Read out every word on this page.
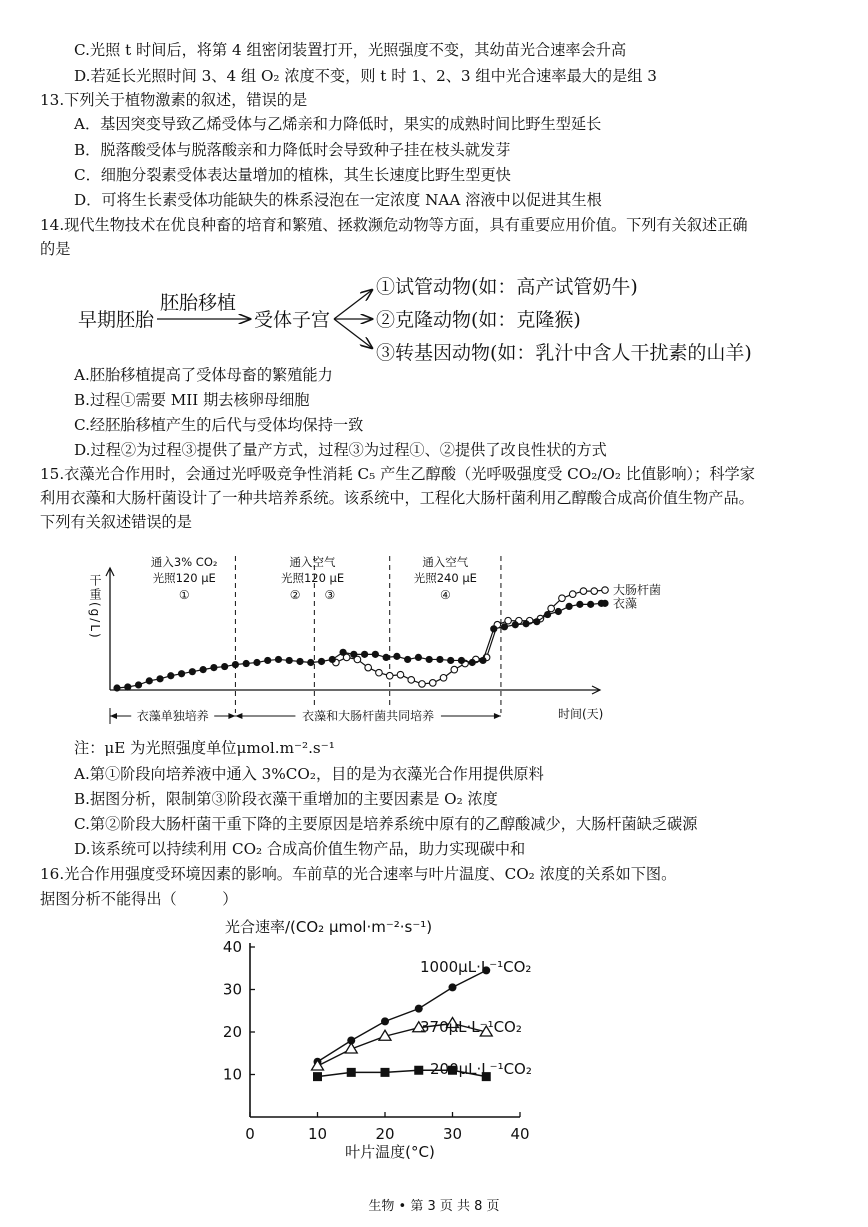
C.光照 t 时间后，将第 4 组密闭装置打开，光照强度不变，其幼苗光合速率会升高
D.若延长光照时间 3、4 组 O₂ 浓度不变，则 t 时 1、2、3 组中光合速率最大的是组 3
13.下列关于植物激素的叙述，错误的是
A．基因突变导致乙烯受体与乙烯亲和力降低时，果实的成熟时间比野生型延长
B．脱落酸受体与脱落酸亲和力降低时会导致种子挂在枝头就发芽
C．细胞分裂素受体表达量增加的植株，其生长速度比野生型更快
D．可将生长素受体功能缺失的株系浸泡在一定浓度 NAA 溶液中以促进其生根
14.现代生物技术在优良种畜的培育和繁殖、拯救濒危动物等方面，具有重要应用价值。下列有关叙述正确
的是
A.胚胎移植提高了受体母畜的繁殖能力
B.过程①需要 MII 期去核卵母细胞
C.经胚胎移植产生的后代与受体均保持一致
D.过程②为过程③提供了量产方式，过程③为过程①、②提供了改良性状的方式
15.衣藻光合作用时，会通过光呼吸竞争性消耗 C₅ 产生乙醇酸（光呼吸强度受 CO₂/O₂ 比值影响）；科学家
利用衣藻和大肠杆菌设计了一种共培养系统。该系统中，工程化大肠杆菌利用乙醇酸合成高价值生物产品。
下列有关叙述错误的是
注：μE 为光照强度单位μmol.m⁻².s⁻¹
A.第①阶段向培养液中通入 3%CO₂，目的是为衣藻光合作用提供原料
B.据图分析，限制第③阶段衣藻干重增加的主要因素是 O₂ 浓度
C.第②阶段大肠杆菌干重下降的主要原因是培养系统中原有的乙醇酸减少，大肠杆菌缺乏碳源
D.该系统可以持续利用 CO₂ 合成高价值生物产品，助力实现碳中和
16.光合作用强度受环境因素的影响。车前草的光合速率与叶片温度、CO₂ 浓度的关系如下图。
据图分析不能得出（　　　）
早期胚胎
胚胎移植
受体子宫
①试管动物(如：高产试管奶牛)
②克隆动物(如：克隆猴)
③转基因动物(如：乳汁中含人干扰素的山羊)
干重(g/L)
时间(天)
通入3% CO₂
光照120 μE
①
通入空气
光照120 μE
②　　③
通入空气
光照240 μE
④
衣藻单独培养	衣藻和大肠杆菌共同培养
大肠杆菌
衣藻
光合速率/(CO₂ μmol·m⁻²·s⁻¹)
0	10	20	30	40
10
20
30
40
叶片温度(°C)
1000μL·L⁻¹CO₂
370μL·L⁻¹CO₂
200μL·L⁻¹CO₂
生物 • 第 3 页 共 8 页
